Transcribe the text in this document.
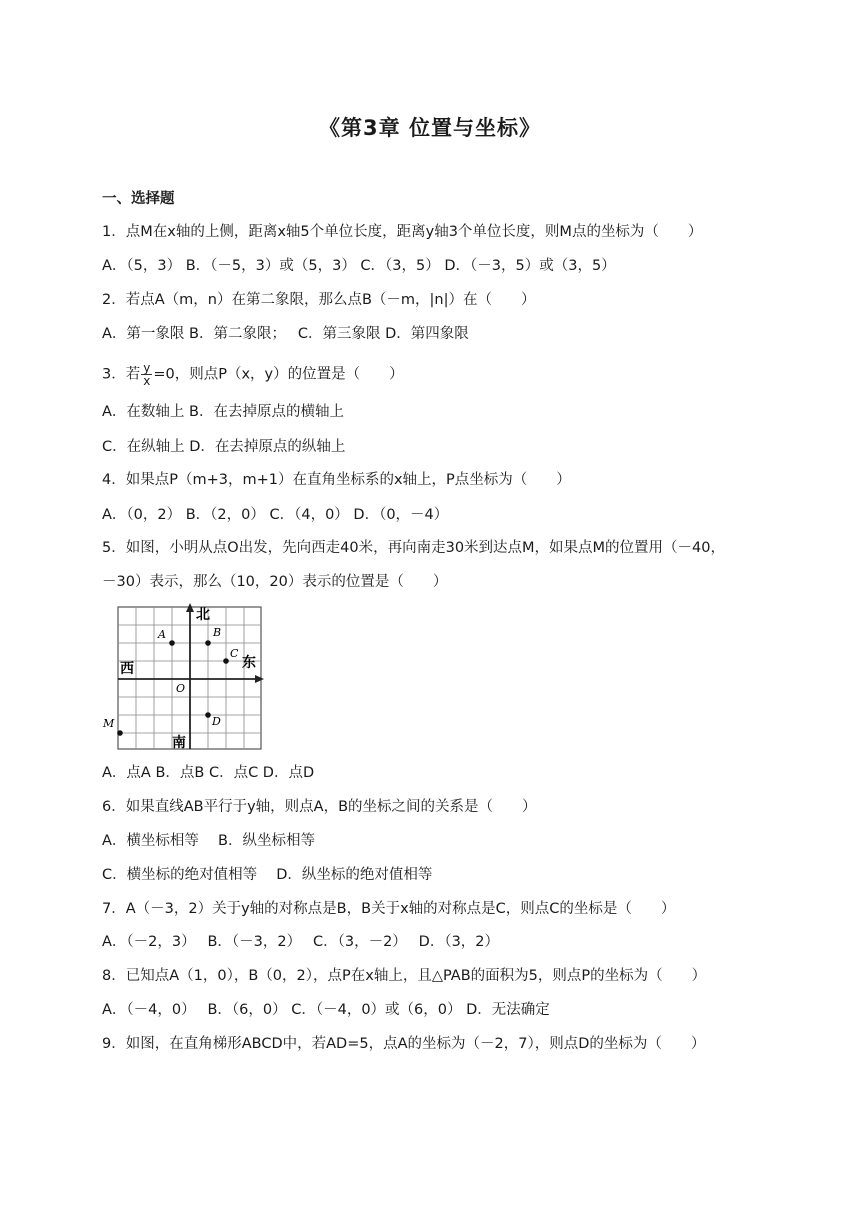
《第3章 位置与坐标》
一、选择题
1．点M在x轴的上侧，距离x轴5个单位长度，距离y轴3个单位长度，则M点的坐标为（　　）
A．（5，3） B．（－5，3）或（5，3） C．（3，5） D．（－3，5）或（3，5）
2．若点A（m，n）在第二象限，那么点B（－m，|n|）在（　　）
A．第一象限 B．第二象限；　 C．第三象限 D．第四象限
3．若 $\frac{y}{x} =0$，则点P（x，y）的位置是（　　）
A．在数轴上 B．在去掉原点的横轴上
C．在纵轴上 D．在去掉原点的纵轴上
4．如果点P（m+3，m+1）在直角坐标系的x轴上，P点坐标为（　　）
A．（0，2） B．（2，0） C．（4，0） D．（0，－4）
5．如图，小明从点O出发，先向西走40米，再向南走30米到达点M，如果点M的位置用（－40，
－30）表示，那么（10，20）表示的位置是（　　）
北
西	东
南
O
A	B
C
D
M
A．点A B．点B C．点C D．点D
6．如果直线AB平行于y轴，则点A，B的坐标之间的关系是（　　）
A．横坐标相等　 B．纵坐标相等
C．横坐标的绝对值相等　 D．纵坐标的绝对值相等
7．A（－3，2）关于y轴的对称点是B，B关于x轴的对称点是C，则点C的坐标是（　　）
A．（－2，3）　 B．（－3，2）　 C．（3，－2）　 D．（3，2）
8．已知点A（1，0），B（0，2），点P在x轴上，且△PAB的面积为5，则点P的坐标为（　　）
A．（－4，0）　 B．（6，0） C．（－4，0）或（6，0） D．无法确定
9．如图，在直角梯形ABCD中，若AD=5，点A的坐标为（－2，7），则点D的坐标为（　　）
